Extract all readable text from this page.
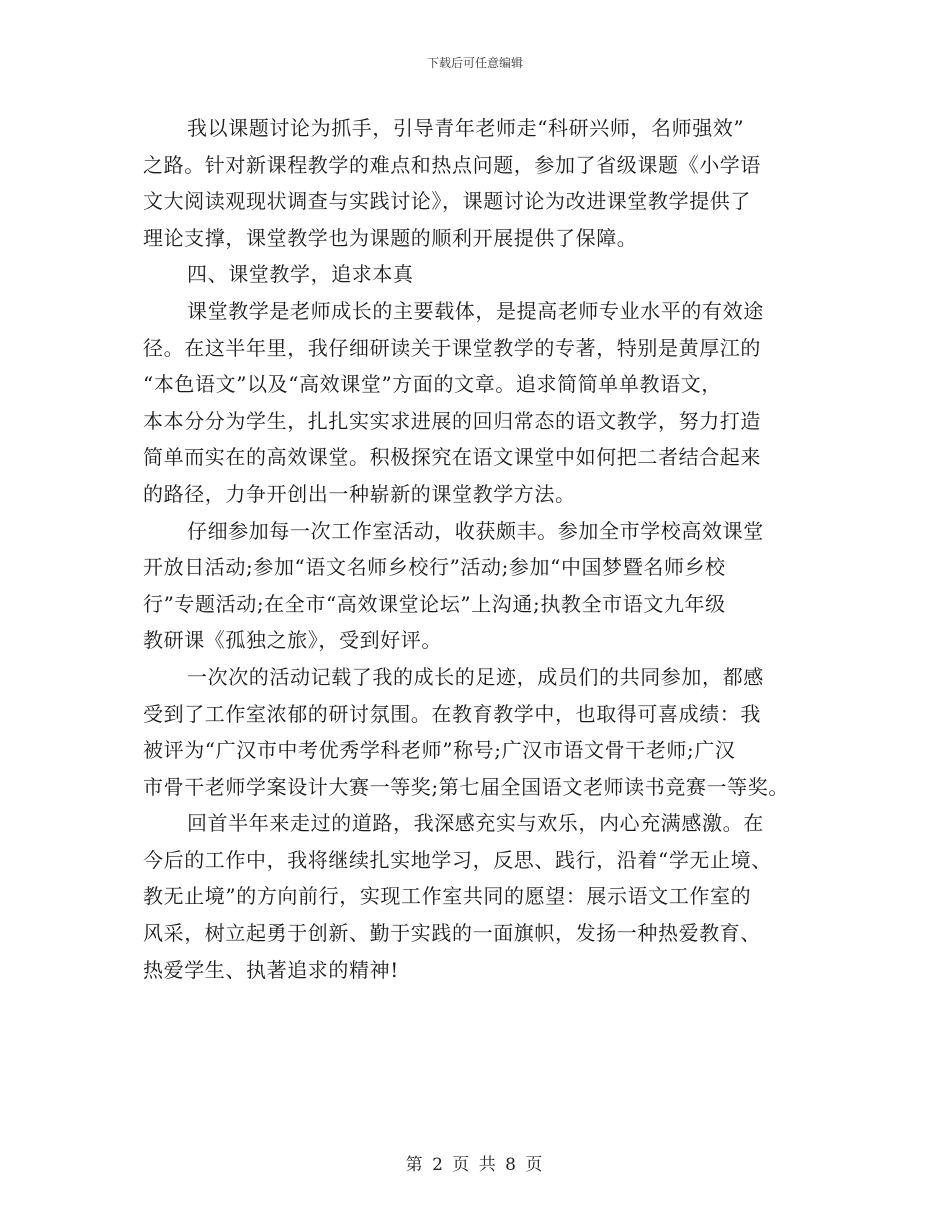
下载后可任意编辑
我以课题讨论为抓手，引导青年老师走“科研兴师，名师强效”
之路。针对新课程教学的难点和热点问题，参加了省级课题《小学语
文大阅读观现状调查与实践讨论》，课题讨论为改进课堂教学提供了
理论支撑，课堂教学也为课题的顺利开展提供了保障。
四、课堂教学，追求本真
课堂教学是老师成长的主要载体，是提高老师专业水平的有效途
径。在这半年里，我仔细研读关于课堂教学的专著，特别是黄厚江的
“本色语文”以及“高效课堂”方面的文章。追求简简单单教语文，
本本分分为学生，扎扎实实求进展的回归常态的语文教学，努力打造
简单而实在的高效课堂。积极探究在语文课堂中如何把二者结合起来
的路径，力争开创出一种崭新的课堂教学方法。
仔细参加每一次工作室活动，收获颇丰。参加全市学校高效课堂
开放日活动;参加“语文名师乡校行”活动;参加“中国梦暨名师乡校
行”专题活动;在全市“高效课堂论坛”上沟通;执教全市语文九年级
教研课《孤独之旅》，受到好评。
一次次的活动记载了我的成长的足迹，成员们的共同参加，都感
受到了工作室浓郁的研讨氛围。在教育教学中，也取得可喜成绩：我
被评为“广汉市中考优秀学科老师”称号;广汉市语文骨干老师;广汉
市骨干老师学案设计大赛一等奖;第七届全国语文老师读书竞赛一等奖。
回首半年来走过的道路，我深感充实与欢乐，内心充满感激。在
今后的工作中，我将继续扎实地学习，反思、践行，沿着“学无止境、
教无止境”的方向前行，实现工作室共同的愿望：展示语文工作室的
风采，树立起勇于创新、勤于实践的一面旗帜，发扬一种热爱教育、
热爱学生、执著追求的精神!
第 2 页 共 8 页
